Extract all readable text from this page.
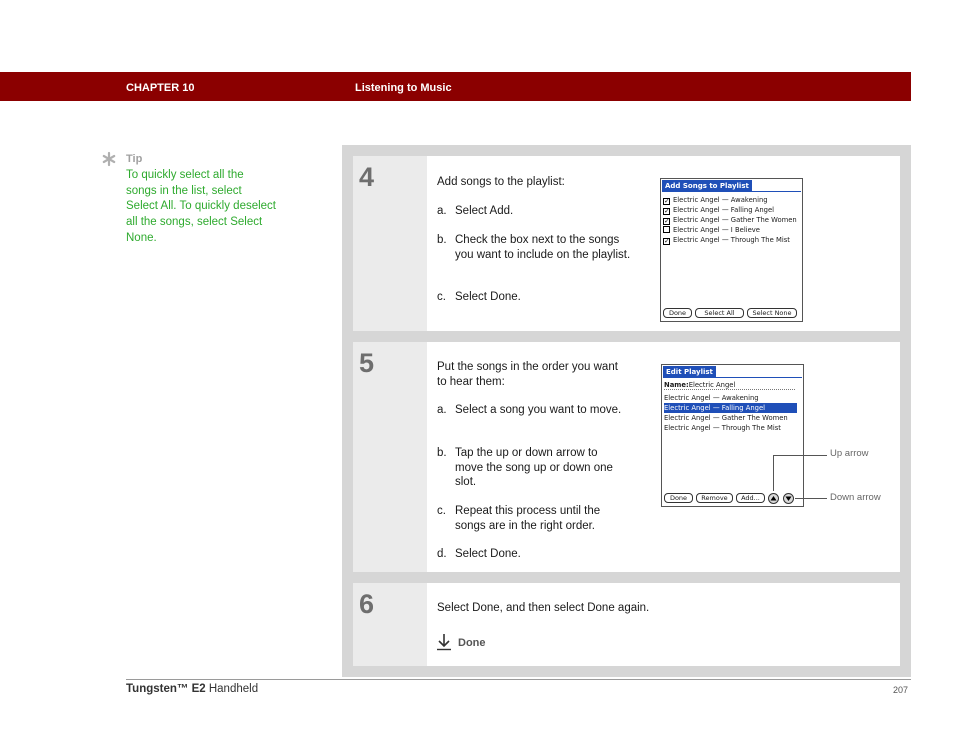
CHAPTER 10	Listening to Music
Tip
To quickly select all the songs in the list, select Select All. To quickly deselect all the songs, select Select None.
4	Add songs to the playlist:
a. Select Add.
b. Check the box next to the songs you want to include on the playlist.
c. Select Done.
Add Songs to Playlist
✓ Electric Angel — Awakening
✓ Electric Angel — Falling Angel
✓ Electric Angel — Gather The Women
Electric Angel — I Believe
✓ Electric Angel — Through The Mist
Done	Select All	Select None
5	Put the songs in the order you want to hear them:
a. Select a song you want to move.
b. Tap the up or down arrow to move the song up or down one slot.
c. Repeat this process until the songs are in the right order.
d. Select Done.
Edit Playlist
Name:Electric Angel
Electric Angel — Awakening
Electric Angel — Falling Angel
Electric Angel — Gather The Women
Electric Angel — Through The Mist
Done	Remove	Add...
Up arrow
Down arrow
6	Select Done, and then select Done again.
Done
Tungsten™ E2 Handheld	207
